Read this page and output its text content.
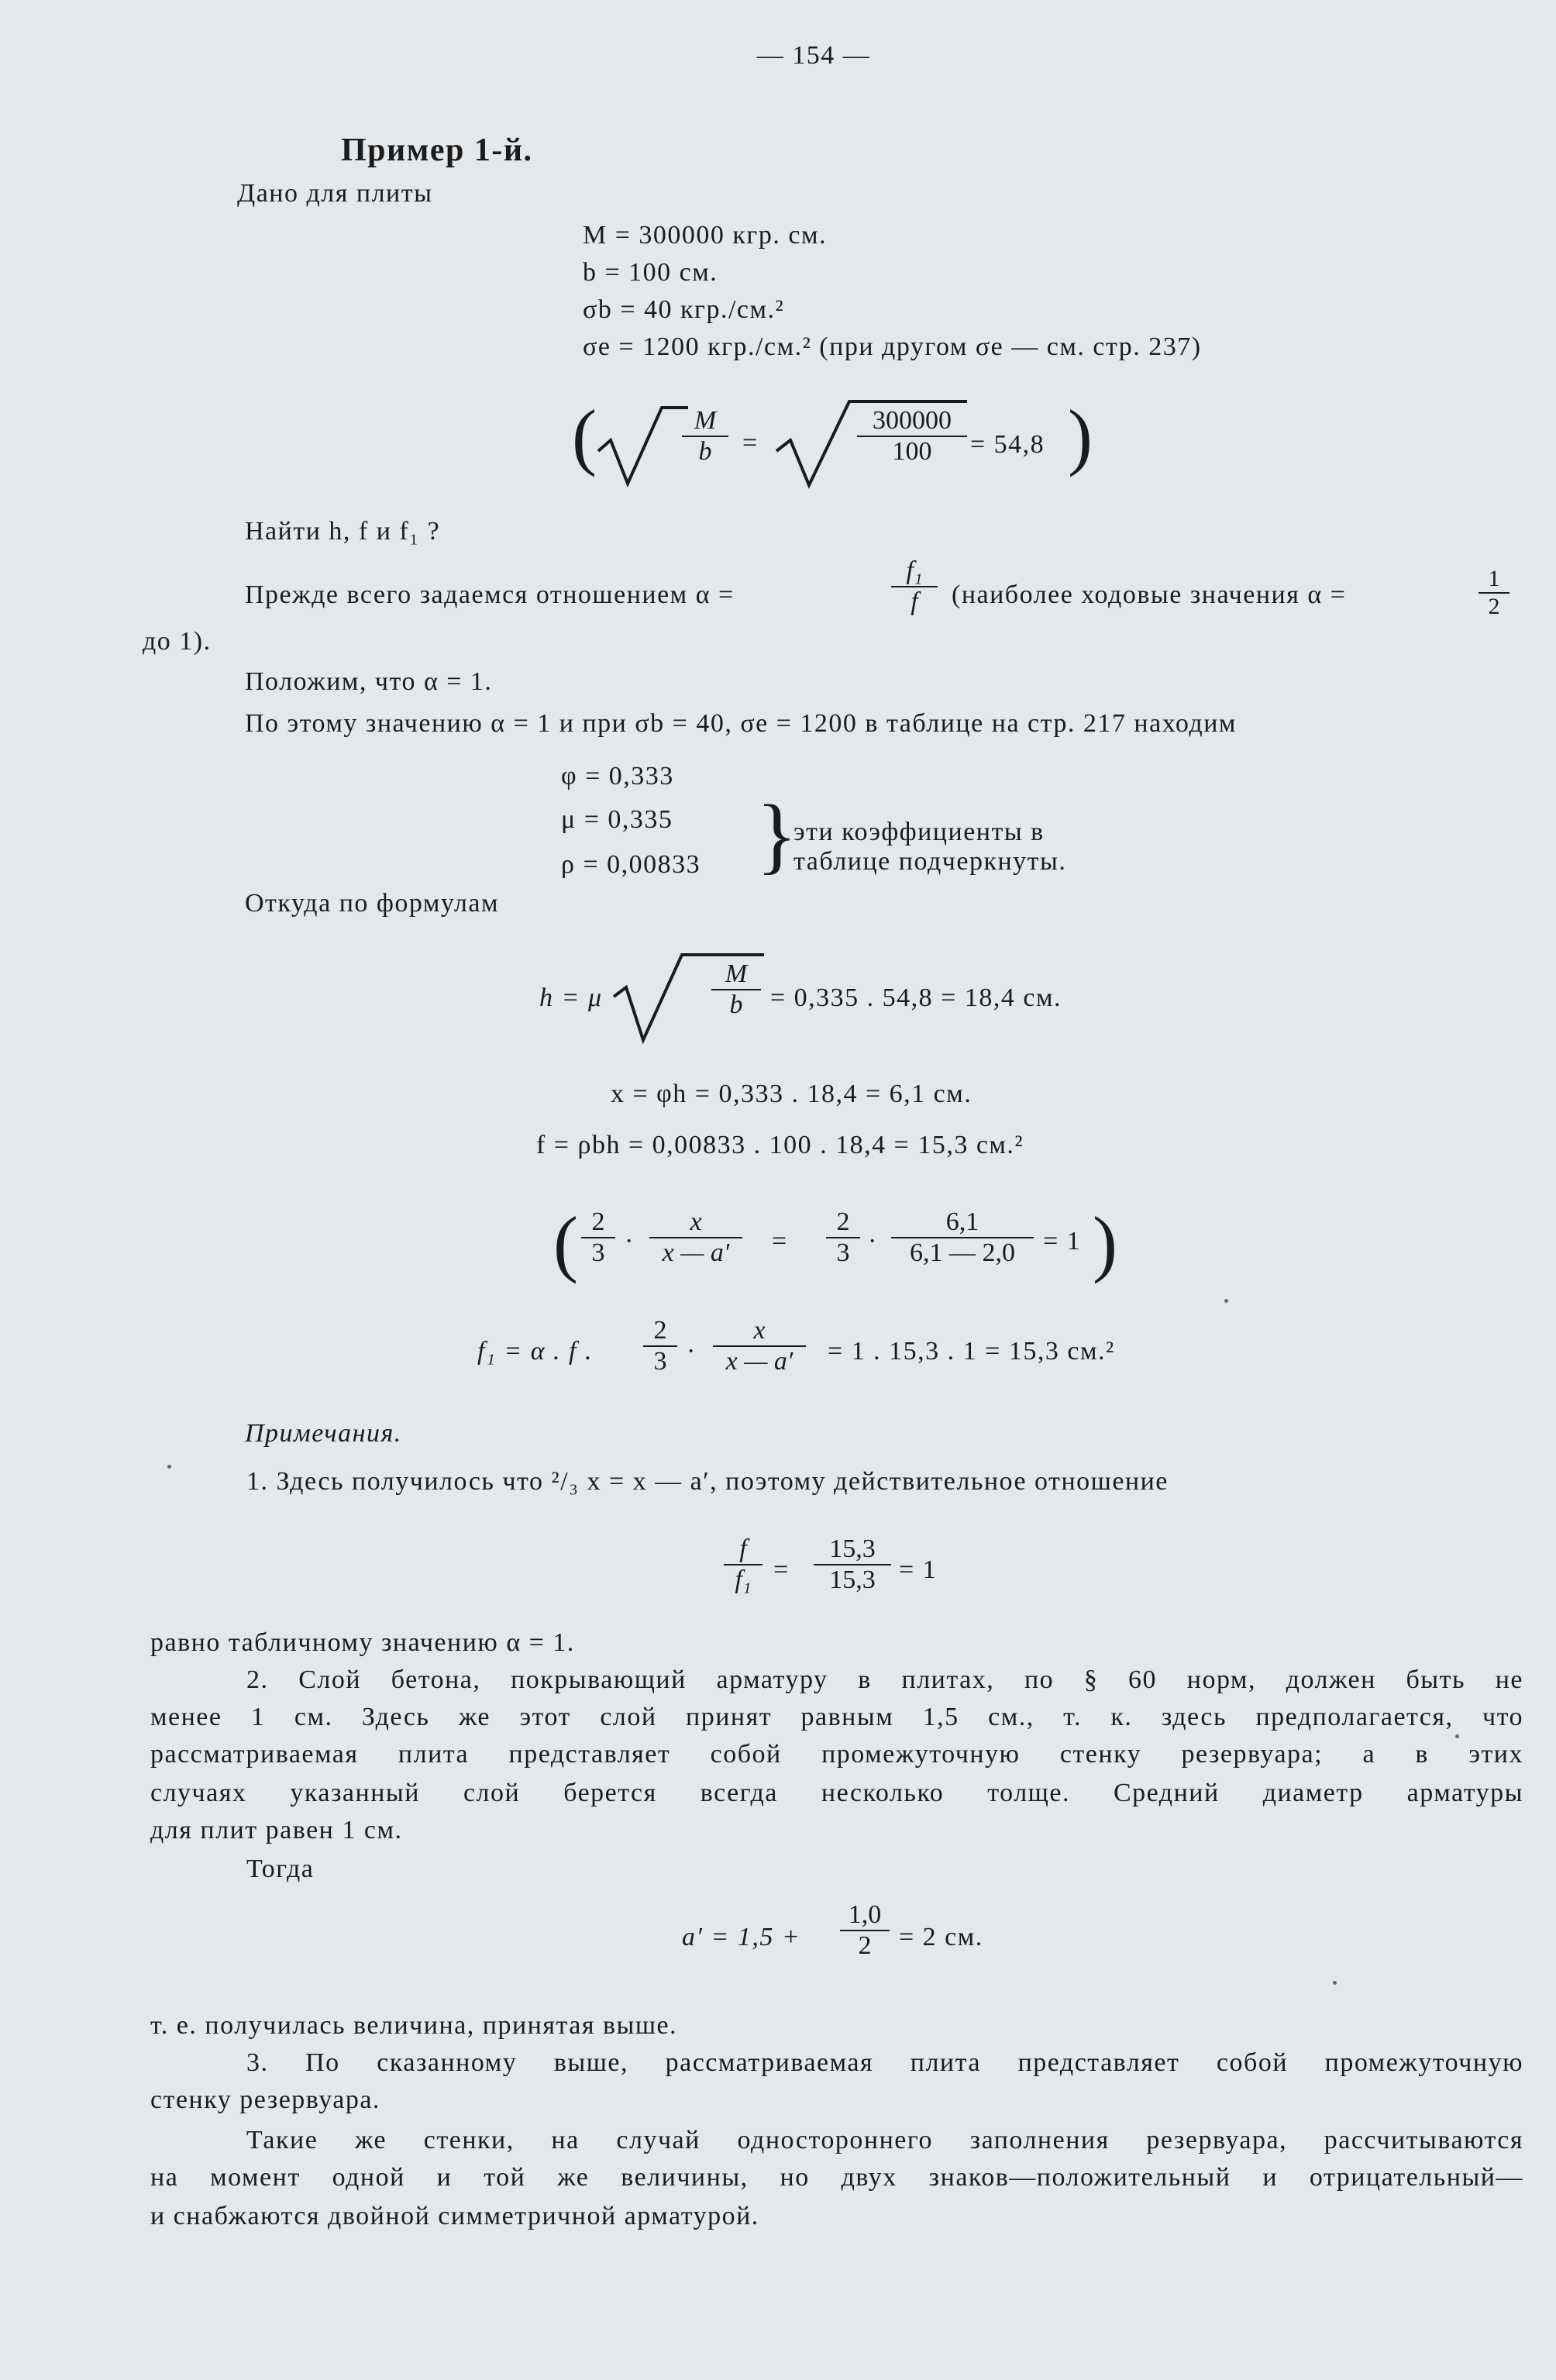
— 154 —
Пример 1-й.
Дано для плиты
M = 300000 кгр. см.
b = 100 см.
σb = 40 кгр./см.²
σe = 1200 кгр./см.² (при другом σe — см. стр. 237)
(	$\frac{M}{b}$ =	$\frac{300000}{100} = 54,8$ )
Найти h, f и f₁ ?
Прежде всего задаемся отношением α =	$\frac{\text{f₁}}{f}$ (наиболее ходовые значения α =	$\frac{1}{2}$
до 1).
Положим, что α = 1.
По этому значению α = 1 и при σb = 40, σe = 1200 в таблице на стр. 217 находим
φ = 0,333
μ = 0,335
ρ = 0,00833 }
эти коэффициенты в
таблице подчеркнуты.
Откуда по формулам
h = μ	$\frac{M}{b} = 0,335$ . 54,8 = 18,4 см.
x = φh = 0,333 . 18,4 = 6,1 см.
f = ρbh = 0,00833 . 100 . 18,4 = 15,3 см.²
( $\frac{2}{3} \cdot \frac{x}{x — a'} = \frac{2}{3} \cdot \frac{6,1}{6,1 — 2,0} = 1$ )
f₁ = α . f . $\frac{2}{3} \cdot \frac{x}{x — a'} = 1$ . 15,3 . 1 = 15,3 см.²
Примечания.
1. Здесь получилось что ²/₃ x = x — a′, поэтому действительное отношение
$\frac{f}{\text{f₁}} = \frac{15,3}{15,3} = 1$
равно табличному значению α = 1.
2. Слой бетона, покрывающий арматуру в плитах, по § 60 норм, должен быть не
менее 1 см. Здесь же этот слой принят равным 1,5 см., т. к. здесь предполагается, что
рассматриваемая плита представляет собой промежуточную стенку резервуара; а в этих
случаях указанный слой берется всегда несколько толще. Средний диаметр арматуры
для плит равен 1 см.
Тогда
$a' = 1,5 + \frac{1,0}{2} = 2$ см.
т. е. получилась величина, принятая выше.
3. По сказанному выше, рассматриваемая плита представляет собой промежуточную
стенку резервуара.
Такие же стенки, на случай одностороннего заполнения резервуара, рассчитываются
на момент одной и той же величины, но двух знаков—положительный и отрицательный—
и снабжаются двойной симметричной арматурой.
